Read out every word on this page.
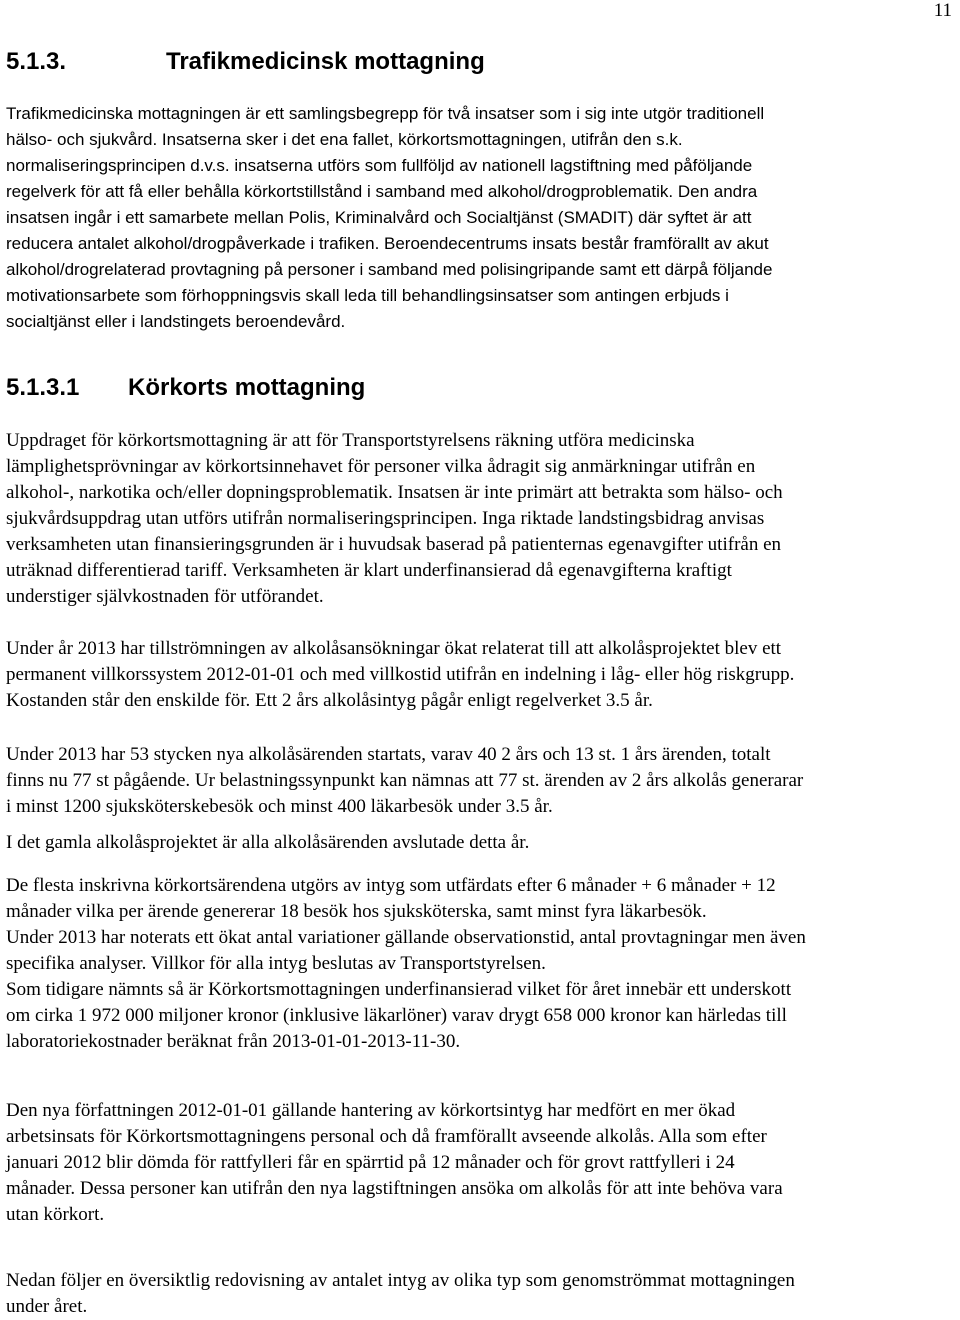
11
5.1.3.	Trafikmedicinsk mottagning

Trafikmedicinska mottagningen är ett samlingsbegrepp för två insatser som i sig inte utgör traditionell
hälso- och sjukvård. Insatserna sker i det ena fallet, körkortsmottagningen, utifrån den s.k.
normaliseringsprincipen d.v.s. insatserna utförs som fullföljd av nationell lagstiftning med påföljande
regelverk för att få eller behålla körkortstillstånd i samband med alkohol/drogproblematik. Den andra
insatsen ingår i ett samarbete mellan Polis, Kriminalvård och Socialtjänst (SMADIT) där syftet är att
reducera antalet alkohol/drogpåverkade i trafiken. Beroendecentrums insats består framförallt av akut
alkohol/drogrelaterad provtagning på personer i samband med polisingripande samt ett därpå följande
motivationsarbete som förhoppningsvis skall leda till behandlingsinsatser som antingen erbjuds i
socialtjänst eller i landstingets beroendevård.

5.1.3.1 Körkorts mottagning

Uppdraget för körkortsmottagning är att för Transportstyrelsens räkning utföra medicinska
lämplighetsprövningar av körkortsinnehavet för personer vilka ådragit sig anmärkningar utifrån en
alkohol-, narkotika och/eller dopningsproblematik. Insatsen är inte primärt att betrakta som hälso- och
sjukvårdsuppdrag utan utförs utifrån normaliseringsprincipen. Inga riktade landstingsbidrag anvisas
verksamheten utan finansieringsgrunden är i huvudsak baserad på patienternas egenavgifter utifrån en
uträknad differentierad tariff. Verksamheten är klart underfinansierad då egenavgifterna kraftigt
understiger självkostnaden för utförandet.

Under år 2013 har tillströmningen av alkolåsansökningar ökat relaterat till att alkolåsprojektet blev ett
permanent villkorssystem 2012-01-01 och med villkostid utifrån en indelning i låg- eller hög riskgrupp.
Kostanden står den enskilde för. Ett 2 års alkolåsintyg pågår enligt regelverket 3.5 år.

Under 2013 har 53 stycken nya alkolåsärenden startats, varav 40 2 års och 13 st. 1 års ärenden, totalt
finns nu 77 st pågående. Ur belastningssynpunkt kan nämnas att 77 st. ärenden av 2 års alkolås generarar
i minst 1200 sjuksköterskebesök och minst 400 läkarbesök under 3.5 år.

I det gamla alkolåsprojektet är alla alkolåsärenden avslutade detta år.

De flesta inskrivna körkortsärendena utgörs av intyg som utfärdats efter 6 månader + 6 månader + 12
månader vilka per ärende genererar 18 besök hos sjuksköterska, samt minst fyra läkarbesök.
Under 2013 har noterats ett ökat antal variationer gällande observationstid, antal provtagningar men även
specifika analyser. Villkor för alla intyg beslutas av Transportstyrelsen.
Som tidigare nämnts så är Körkortsmottagningen underfinansierad vilket för året innebär ett underskott
om cirka 1 972 000 miljoner kronor (inklusive läkarlöner) varav drygt 658 000 kronor kan härledas till
laboratoriekostnader beräknat från 2013-01-01-2013-11-30.

Den nya författningen 2012-01-01 gällande hantering av körkortsintyg har medfört en mer ökad
arbetsinsats för Körkortsmottagningens personal och då framförallt avseende alkolås. Alla som efter
januari 2012 blir dömda för rattfylleri får en spärrtid på 12 månader och för grovt rattfylleri i 24
månader. Dessa personer kan utifrån den nya lagstiftningen ansöka om alkolås för att inte behöva vara
utan körkort.

Nedan följer en översiktlig redovisning av antalet intyg av olika typ som genomströmmat mottagningen
under året.
